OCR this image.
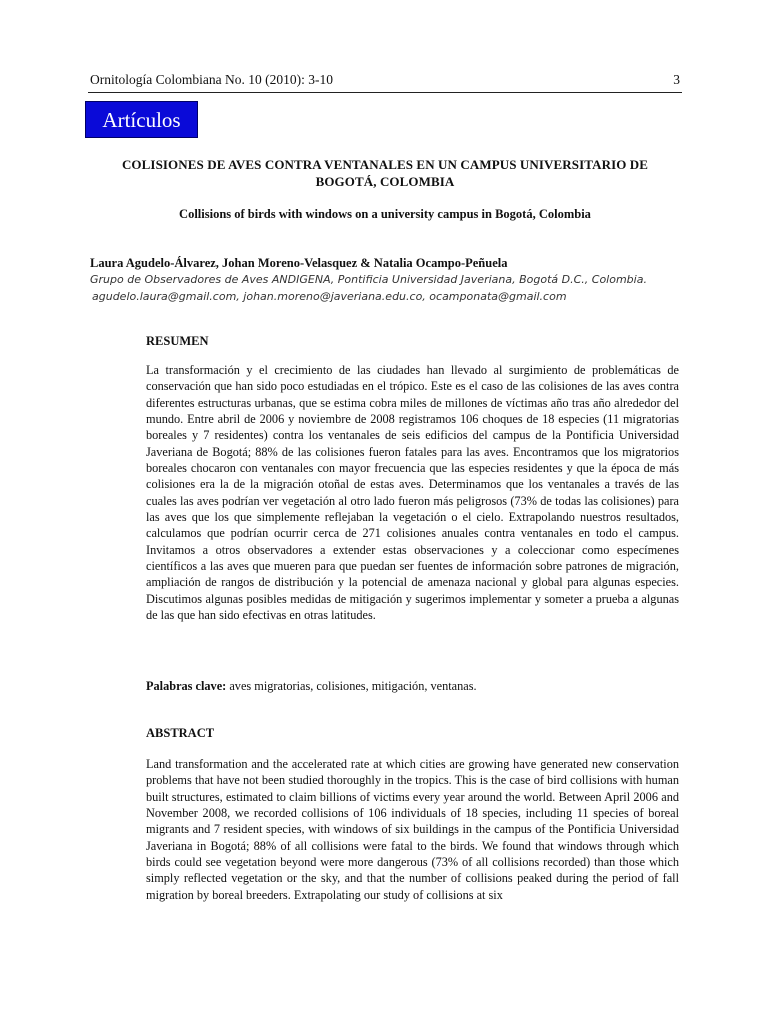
Ornitología Colombiana No. 10 (2010): 3-10	3
Artículos
COLISIONES DE AVES CONTRA VENTANALES EN UN CAMPUS UNIVERSITARIO DE BOGOTÁ, COLOMBIA
Collisions of birds with windows on a university campus in Bogotá, Colombia
Laura Agudelo-Álvarez, Johan Moreno-Velasquez & Natalia Ocampo-Peñuela
Grupo de Observadores de Aves ANDIGENA, Pontificia Universidad Javeriana, Bogotá D.C., Colombia.
agudelo.laura@gmail.com, johan.moreno@javeriana.edu.co, ocamponata@gmail.com
RESUMEN

La transformación y el crecimiento de las ciudades han llevado al surgimiento de problemáticas de conservación que han sido poco estudiadas en el trópico. Este es el caso de las colisiones de las aves contra diferentes estructuras urbanas, que se estima cobra miles de millones de víctimas año tras año alrededor del mundo. Entre abril de 2006 y noviembre de 2008 registramos 106 choques de 18 especies (11 migratorias boreales y 7 residentes) contra los ventanales de seis edificios del campus de la Pontificia Universidad Javeriana de Bogotá; 88% de las colisiones fueron fatales para las aves. Encontramos que los migratorios boreales chocaron con ventanales con mayor frecuencia que las especies residentes y que la época de más colisiones era la de la migración otoñal de estas aves. Determinamos que los ventanales a través de las cuales las aves podrían ver vegetación al otro lado fueron más peligrosos (73% de todas las colisiones) para las aves que los que simplemente reflejaban la vegetación o el cielo. Extrapolando nuestros resultados, calculamos que podrían ocurrir cerca de 271 colisiones anuales contra ventanales en todo el campus. Invitamos a otros observadores a extender estas observaciones y a coleccionar como especímenes científicos a las aves que mueren para que puedan ser fuentes de información sobre patrones de migración, ampliación de rangos de distribución y la potencial de amenaza nacional y global para algunas especies. Discutimos algunas posibles medidas de mitigación y sugerimos implementar y someter a prueba a algunas de las que han sido efectivas en otras latitudes.

Palabras clave: aves migratorias, colisiones, mitigación, ventanas.
ABSTRACT

Land transformation and the accelerated rate at which cities are growing have generated new conservation problems that have not been studied thoroughly in the tropics. This is the case of bird collisions with human built structures, estimated to claim billions of victims every year around the world. Between April 2006 and November 2008, we recorded collisions of 106 individuals of 18 species, including 11 species of boreal migrants and 7 resident species, with windows of six buildings in the campus of the Pontificia Universidad Javeriana in Bogotá; 88% of all collisions were fatal to the birds. We found that windows through which birds could see vegetation beyond were more dangerous (73% of all collisions recorded) than those which simply reflected vegetation or the sky, and that the number of collisions peaked during the period of fall migration by boreal breeders. Extrapolating our study of collisions at six
